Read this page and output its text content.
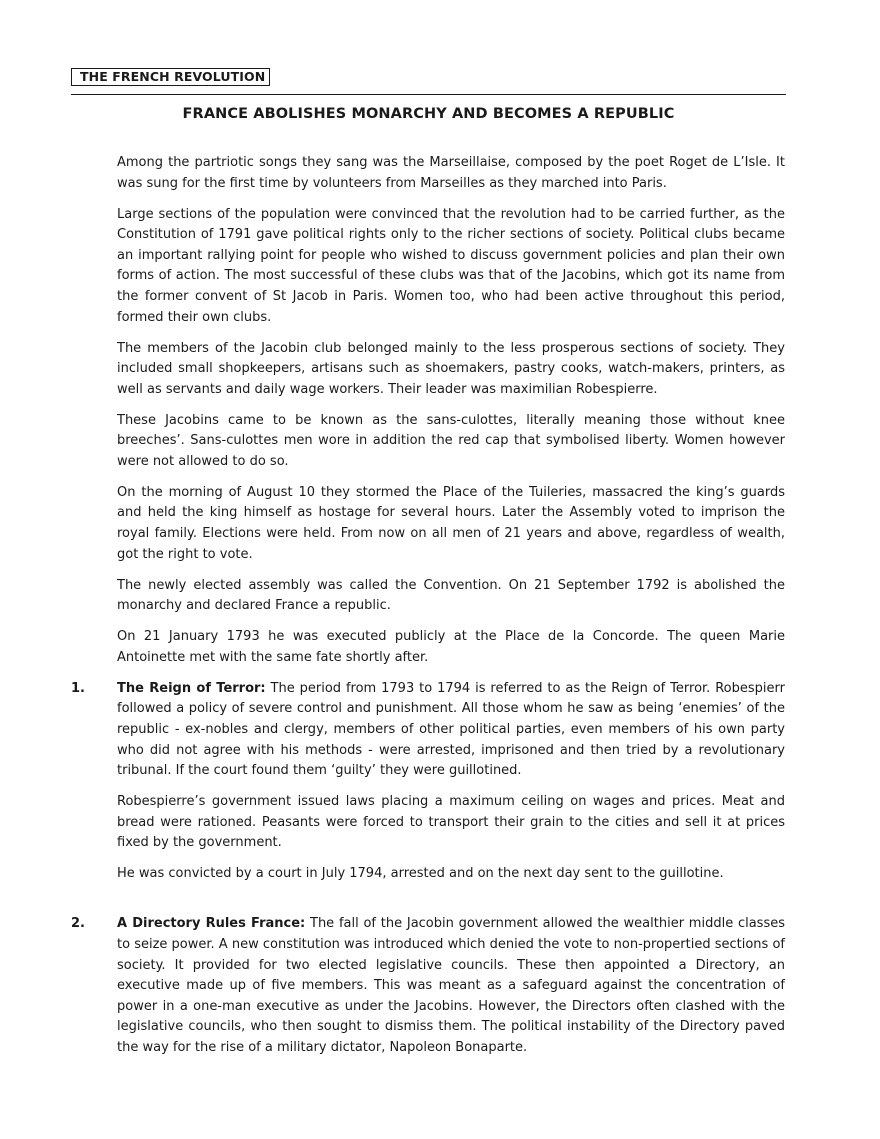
THE FRENCH REVOLUTION
FRANCE ABOLISHES MONARCHY AND BECOMES A REPUBLIC

Among the partriotic songs they sang was the Marseillaise, composed by the poet Roget de L’Isle. It was sung for the first time by volunteers from Marseilles as they marched into Paris.

Large sections of the population were convinced that the revolution had to be carried further, as the Constitution of 1791 gave political rights only to the richer sections of society. Political clubs became an important rallying point for people who wished to discuss government policies and plan their own forms of action. The most successful of these clubs was that of the Jacobins, which got its name from the former convent of St Jacob in Paris. Women too, who had been active throughout this period, formed their own clubs.

The members of the Jacobin club belonged mainly to the less prosperous sections of society. They included small shopkeepers, artisans such as shoemakers, pastry cooks, watch-makers, printers, as well as servants and daily wage workers. Their leader was maximilian Robespierre.

These Jacobins came to be known as the sans-culottes, literally meaning those without knee breeches’. Sans-culottes men wore in addition the red cap that symbolised liberty. Women however were not allowed to do so.

On the morning of August 10 they stormed the Place of the Tuileries, massacred the king’s guards and held the king himself as hostage for several hours. Later the Assembly voted to imprison the royal family. Elections were held. From now on all men of 21 years and above, regardless of wealth, got the right to vote.

The newly elected assembly was called the Convention. On 21 September 1792 is abolished the monarchy and declared France a republic.

On 21 January 1793 he was executed publicly at the Place de la Concorde. The queen Marie Antoinette met with the same fate shortly after.

1. The Reign of Terror: The period from 1793 to 1794 is referred to as the Reign of Terror. Robespierr followed a policy of severe control and punishment. All those whom he saw as being ‘enemies’ of the republic - ex-nobles and clergy, members of other political parties, even members of his own party who did not agree with his methods - were arrested, imprisoned and then tried by a revolutionary tribunal. If the court found them ‘guilty’ they were guillotined.

Robespierre’s government issued laws placing a maximum ceiling on wages and prices. Meat and bread were rationed. Peasants were forced to transport their grain to the cities and sell it at prices fixed by the government.

He was convicted by a court in July 1794, arrested and on the next day sent to the guillotine.

2. A Directory Rules France: The fall of the Jacobin government allowed the wealthier middle classes to seize power. A new constitution was introduced which denied the vote to non-propertied sections of society. It provided for two elected legislative councils. These then appointed a Directory, an executive made up of five members. This was meant as a safeguard against the concentration of power in a one-man executive as under the Jacobins. However, the Directors often clashed with the legislative councils, who then sought to dismiss them. The political instability of the Directory paved the way for the rise of a military dictator, Napoleon Bonaparte.
